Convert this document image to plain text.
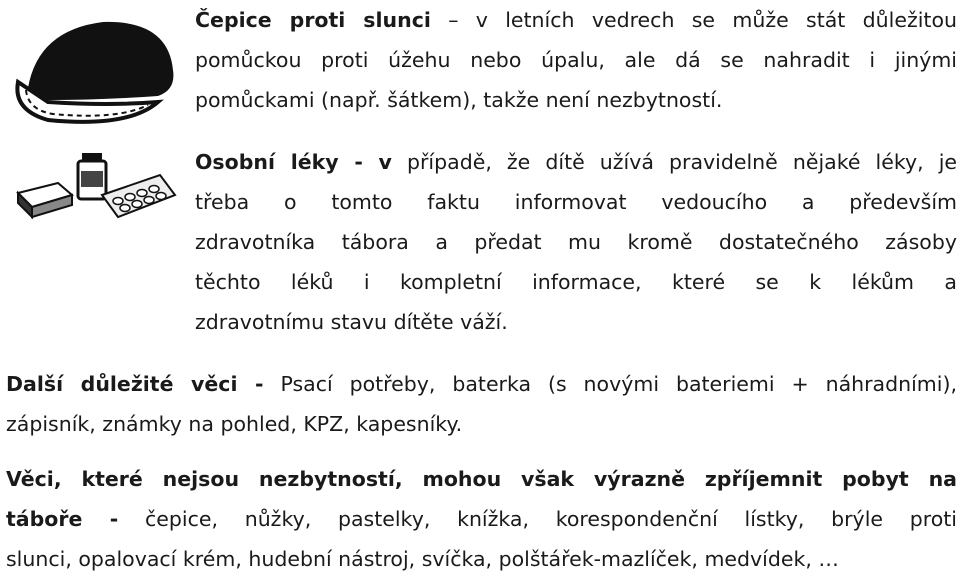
Čepice proti slunci – v letních vedrech se může stát důležitou
pomůckou proti úžehu nebo úpalu, ale dá se nahradit i jinými
pomůckami (např. šátkem), takže není nezbytností.
Osobní léky - v případě, že dítě užívá pravidelně nějaké léky, je
třeba o tomto faktu informovat vedoucího a především
zdravotníka tábora a předat mu kromě dostatečného zásoby
těchto léků i kompletní informace, které se k lékům a
zdravotnímu stavu dítěte váží.
Další důležité věci - Psací potřeby, baterka (s novými bateriemi + náhradními),
zápisník, známky na pohled, KPZ, kapesníky.
Věci, které nejsou nezbytností, mohou však výrazně zpříjemnit pobyt na
táboře - čepice, nůžky, pastelky, knížka, korespondenční lístky, brýle proti
slunci, opalovací krém, hudební nástroj, svíčka, polštářek-mazlíček, medvídek, …
